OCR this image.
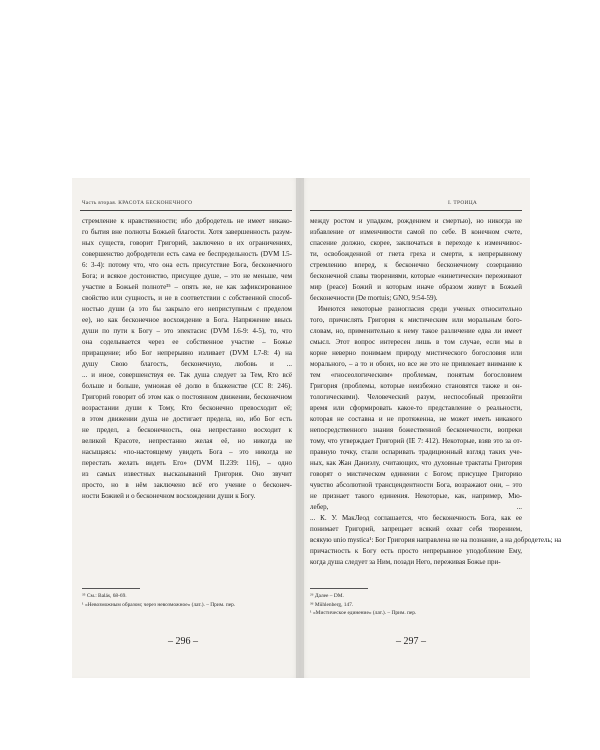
Часть вторая. КРАСОТА БЕСКОНЕЧНОГО	I. ТРОИЦА
стремление к нравственности; ибо добродетель не имеет никако-
го бытия вне полноты Божьей благости. Хотя завершенность разум-
ных существ, говорит Григорий, заключено в их ограничениях,
совершенство добродетели есть сама ее беспредельность (DVM I.5-
6: 3-4): потому что, что она есть присутствие Бога, бесконечного
Бога; и всякое достоинство, присущее душе, – это не меньше, чем
участие в Божьей полноте³⁵ – опять же, не как зафиксированное
свойство или сущность, и не в соответствии с собственной способ-
ностью души (а это бы закрыло его неприступным с пределом
ее), но как бесконечное восхождение в Бога. Напряжение ввысь
души по пути к Богу – это эпектасис (DVM I.6-9: 4-5), то, что
она соделывается через ее собственное участие – Божье
приращение; ибо Бог непрерывно изливает (DVM I.7-8: 4) на
душу Свою благость, бесконечную, любовь и ...
... и иное, совершенствуя ее. Так душа следует за Тем, Кто всё
больше и больше, умножая её долю в блаженстве (CC 8: 246).
Григорий говорит об этом как о постоянном движении, бесконечном
возрастании души к Тому, Кто бесконечно превосходит её;
в этом движении душа не достигает предела, но, ибо Бог есть
не предел, а бесконечность, она непрестанно восходит к
великой Красоте, непрестанно желая её, но никогда не
насыщаясь: «по-настоящему увидеть Бога – это никогда не
перестать желать видеть Его» (DVM II.239: 116), – одно
из самых известных высказываний Григория. Оно звучит
просто, но в нём заключено всё его учение о бесконеч-
ности Божией и о бесконечном восхождении души к Богу.
между ростом и упадком, рождением и смертью), но никогда не
избавление от изменчивости самой по себе. В конечном счете,
спасение должно, скорее, заключаться в переходе к изменчивос-
ти, освобожденной от гнета греха и смерти, к непрерывному
стремлению вперед, к бесконечно бесконечному созерцанию
бесконечной славы творениями, которые «кинетически» переживают
мир (peace) Божий и которым иначе образом живут в Божьей
бесконечности (De mortuis; GNO, 9:54-59).
Имеются некоторые разногласия среди ученых относительно
того, причислять Григория к мистическим или моральным бого-
словам, но, применительно к нему такое различение едва ли имеет
смысл. Этот вопрос интересен лишь в том случае, если мы в
корне неверно понимаем природу мистического богословия или
морального, – а то и обоих, но все же это не привлекает внимание к
тем «гносеологическим» проблемам, понятым богословием
Григория (проблемы, которые неизбежно становятся также и он-
тологическими). Человеческий разум, неспособный превзойти
время или сформировать какое-то представление о реальности,
которая не составна и не протяженна, не может иметь никакого
непосредственного знания божественной бесконечности, вопреки
тому, что утверждает Григорий (IE 7: 412). Некоторые, взяв это за от-
правную точку, стали оспаривать традиционный взгляд таких уче-
ных, как Жан Даниэлу, считающих, что духовные трактаты Григория
говорят о мистическом единении с Богом; присущее Григорию
чувство абсолютной трансцендентности Бога, возражают они, – это
не признает такого единения. Некоторые, как, например, Мю-
лебер, ...
... К. У. МакЛеод соглашается, что бесконечность Бога, как ее
понимает Григорий, запрещает всякий охват себя творением,
всякую unio mystica¹: Бог Григория направлена не на познание, а на добродетель; на
причастность к Богу есть просто непрерывное уподобление Ему,
когда душа следует за Ним, позади Него, переживая Божье при-
³⁵ См.: Balás, 68-69.
¹ «Невозможным образом; через невозможное» (лат.). – Прим. пер.
²⁶ Далее – DM.
³⁶ Mühlenberg, 147.
¹ «Мистическое единение» (лат.). – Прим. пер.
– 296 –	– 297 –
